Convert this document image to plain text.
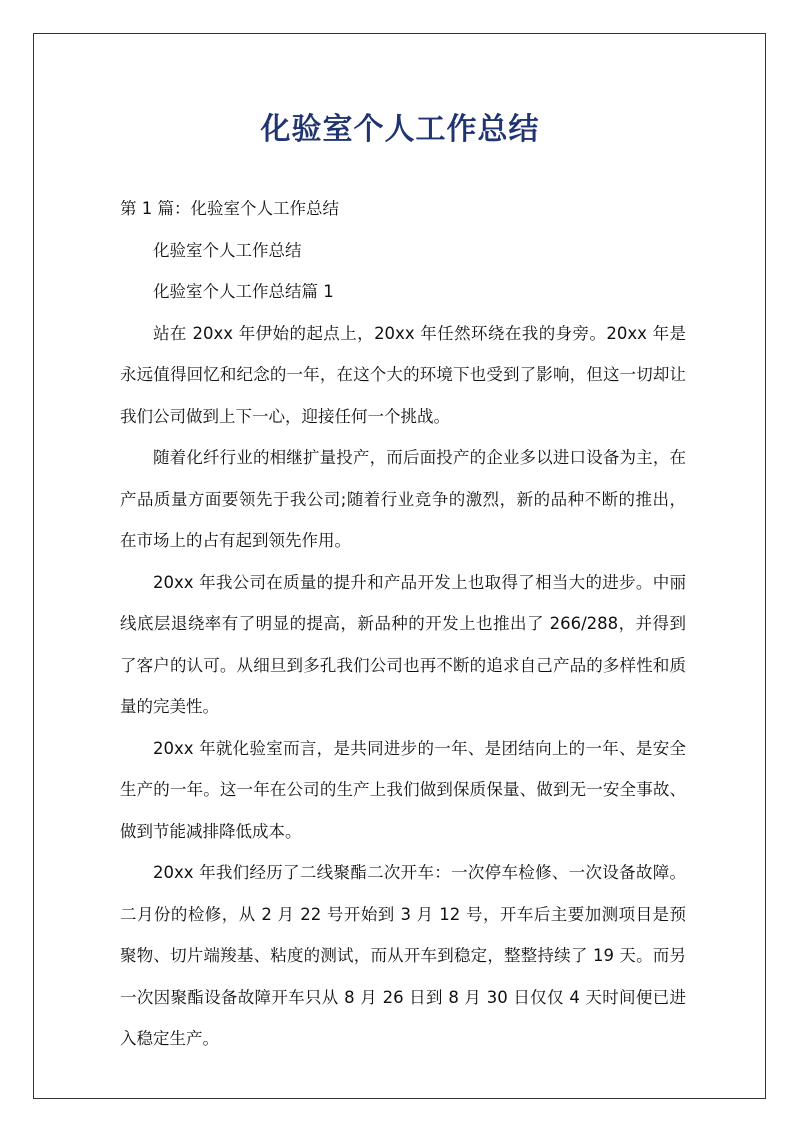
化验室个人工作总结

第 1 篇：化验室个人工作总结

化验室个人工作总结

化验室个人工作总结篇 1

站在 20xx 年伊始的起点上，20xx 年任然环绕在我的身旁。20xx 年是永远值得回忆和纪念的一年，在这个大的环境下也受到了影响，但这一切却让我们公司做到上下一心，迎接任何一个挑战。

随着化纤行业的相继扩量投产，而后面投产的企业多以进口设备为主，在产品质量方面要领先于我公司;随着行业竞争的激烈，新的品种不断的推出，在市场上的占有起到领先作用。

20xx 年我公司在质量的提升和产品开发上也取得了相当大的进步。中丽线底层退绕率有了明显的提高，新品种的开发上也推出了 266/288，并得到了客户的认可。从细旦到多孔我们公司也再不断的追求自己产品的多样性和质量的完美性。

20xx 年就化验室而言，是共同进步的一年、是团结向上的一年、是安全生产的一年。这一年在公司的生产上我们做到保质保量、做到无一安全事故、做到节能减排降低成本。

20xx 年我们经历了二线聚酯二次开车：一次停车检修、一次设备故障。二月份的检修，从 2 月 22 号开始到 3 月 12 号，开车后主要加测项目是预聚物、切片端羧基、粘度的测试，而从开车到稳定，整整持续了 19 天。而另一次因聚酯设备故障开车只从 8 月 26 日到 8 月 30 日仅仅 4 天时间便已进入稳定生产。
